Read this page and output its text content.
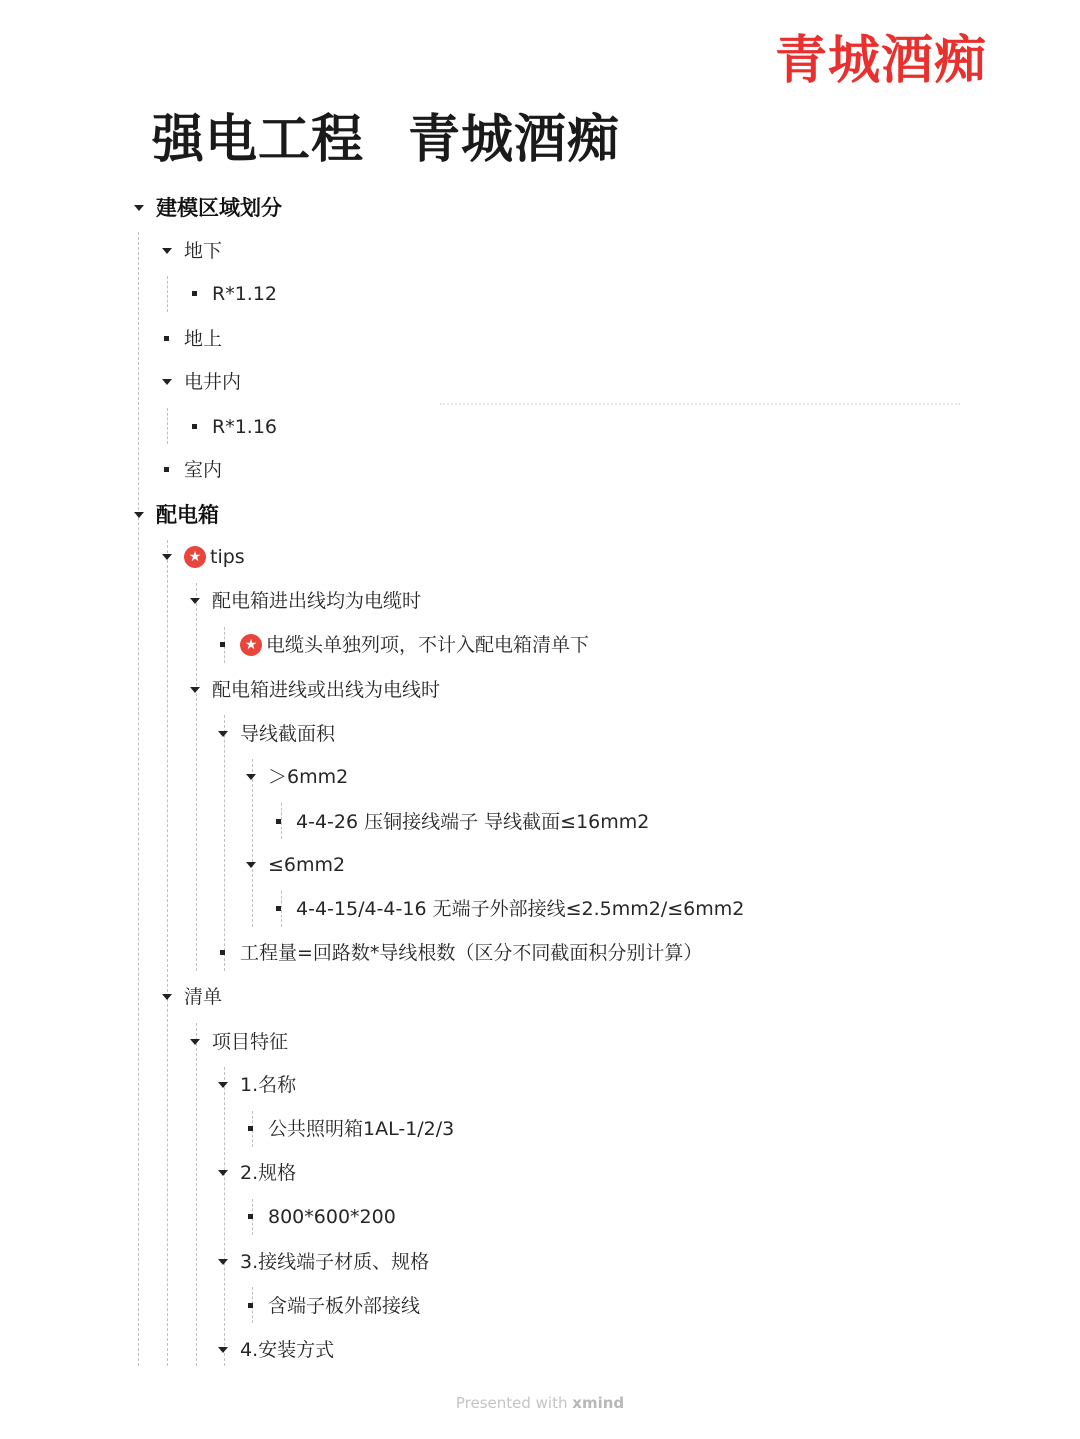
青城酒痴
强电工程 青城酒痴
建模区域划分
地下
R*1.12
地上
电井内
R*1.16
室内
配电箱
★ tips
配电箱进出线均为电缆时
★ 电缆头单独列项，不计入配电箱清单下
配电箱进线或出线为电线时
导线截面积
＞6mm2
4-4-26 压铜接线端子 导线截面≤16mm2
≤6mm2
4-4-15/4-4-16 无端子外部接线≤2.5mm2/≤6mm2
工程量=回路数*导线根数（区分不同截面积分别计算）
清单
项目特征
1.名称
公共照明箱1AL-1/2/3
2.规格
800*600*200
3.接线端子材质、规格
含端子板外部接线
4.安装方式
Presented with xmind
